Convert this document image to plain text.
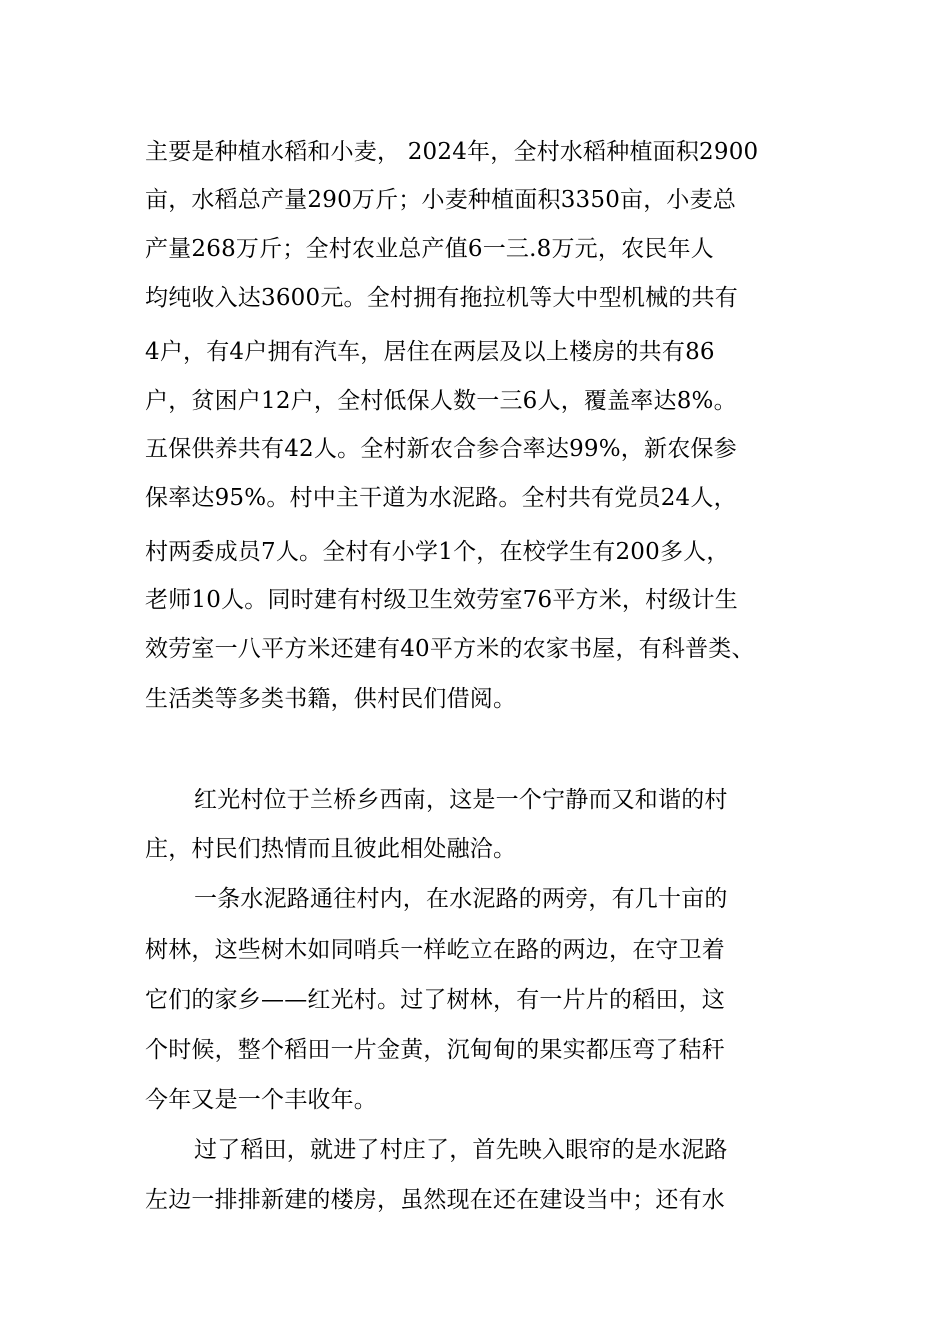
主要是种植水稻和小麦， 2024年，全村水稻种植面积2900
亩，水稻总产量290万斤；小麦种植面积3350亩，小麦总
产量268万斤；全村农业总产值6一三.8万元，农民年人
均纯收入达3600元。全村拥有拖拉机等大中型机械的共有
4户，有4户拥有汽车，居住在两层及以上楼房的共有86
户，贫困户12户，全村低保人数一三6人，覆盖率达8%。
五保供养共有42人。全村新农合参合率达99%，新农保参
保率达95%。村中主干道为水泥路。全村共有党员24人，
村两委成员7人。全村有小学1个，在校学生有200多人，
老师10人。同时建有村级卫生效劳室76平方米，村级计生
效劳室一八平方米还建有40平方米的农家书屋，有科普类、
生活类等多类书籍，供村民们借阅。
红光村位于兰桥乡西南，这是一个宁静而又和谐的村
庄，村民们热情而且彼此相处融洽。
一条水泥路通往村内，在水泥路的两旁，有几十亩的
树林，这些树木如同哨兵一样屹立在路的两边，在守卫着
它们的家乡——红光村。过了树林，有一片片的稻田，这
个时候，整个稻田一片金黄，沉甸甸的果实都压弯了秸秆
今年又是一个丰收年。
过了稻田，就进了村庄了，首先映入眼帘的是水泥路
左边一排排新建的楼房，虽然现在还在建设当中；还有水
